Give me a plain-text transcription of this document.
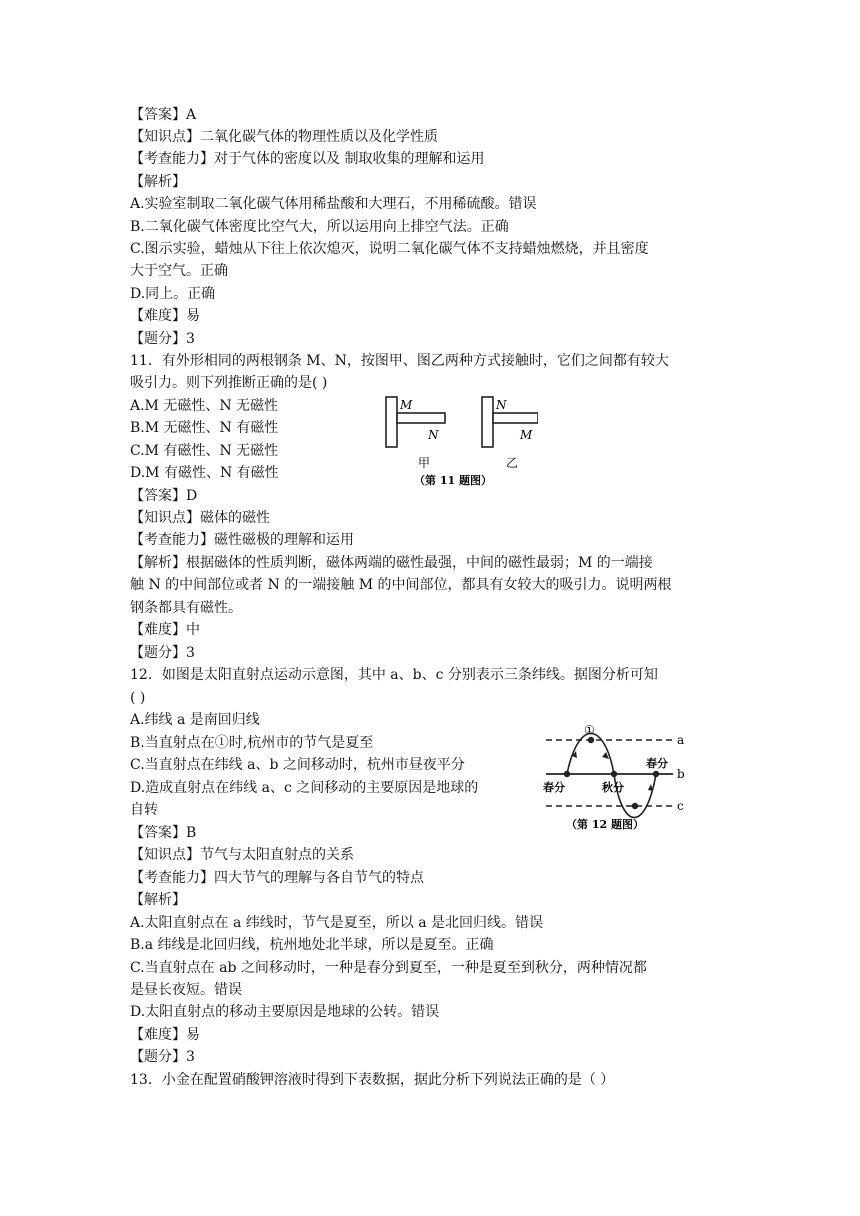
【答案】A
【知识点】二氧化碳气体的物理性质以及化学性质
【考查能力】对于气体的密度以及 制取收集的理解和运用
【解析】
A.实验室制取二氧化碳气体用稀盐酸和大理石，不用稀硫酸。错误
B.二氧化碳气体密度比空气大，所以运用向上排空气法。正确
C.图示实验，蜡烛从下往上依次熄灭，说明二氧化碳气体不支持蜡烛燃烧，并且密度
大于空气。正确
D.同上。正确
【难度】易
【题分】3
11．有外形相同的两根钢条 M、N，按图甲、图乙两种方式接触时，它们之间都有较大
吸引力。则下列推断正确的是( )
A.M 无磁性、N 无磁性
B.M 无磁性、N 有磁性
C.M 有磁性、N 无磁性
D.M 有磁性、N 有磁性
【答案】D
【知识点】磁体的磁性
【考查能力】磁性磁极的理解和运用
【解析】根据磁体的性质判断，磁体两端的磁性最强，中间的磁性最弱；M 的一端接
触 N 的中间部位或者 N 的一端接触 M 的中间部位，都具有女较大的吸引力。说明两根
钢条都具有磁性。
【难度】中
【题分】3
12．如图是太阳直射点运动示意图，其中 a、b、c 分别表示三条纬线。据图分析可知
( )
A.纬线 a 是南回归线
B.当直射点在①时,杭州市的节气是夏至
C.当直射点在纬线 a、b 之间移动时，杭州市昼夜平分
D.造成直射点在纬线 a、c 之间移动的主要原因是地球的
自转
【答案】B
【知识点】节气与太阳直射点的关系
【考查能力】四大节气的理解与各自节气的特点
【解析】
A.太阳直射点在 a 纬线时，节气是夏至，所以 a 是北回归线。错误
B.a 纬线是北回归线，杭州地处北半球，所以是夏至。正确
C.当直射点在 ab 之间移动时，一种是春分到夏至，一种是夏至到秋分，两种情况都
是昼长夜短。错误
D.太阳直射点的移动主要原因是地球的公转。错误
【难度】易
【题分】3
13．小金在配置硝酸钾溶液时得到下表数据，据此分析下列说法正确的是（ ）
M
N
N
M
甲	乙
（第 11 题图）
a
b
c
①
春分	秋分
春分
（第 12 题图）
